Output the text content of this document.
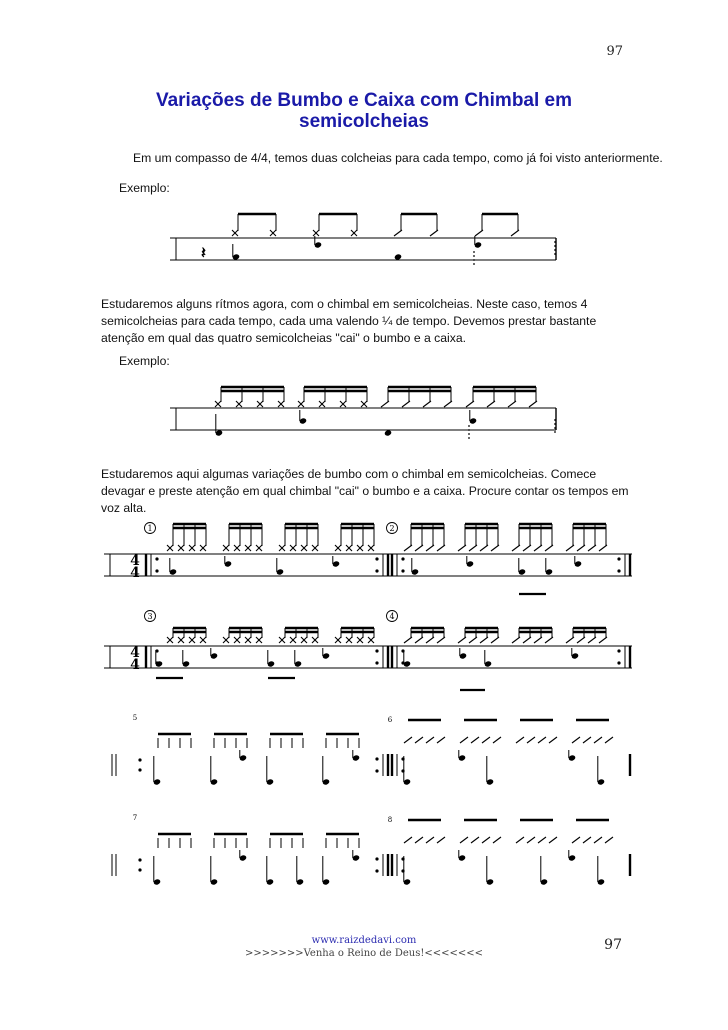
97
Variações de Bumbo e Caixa com Chimbal em semicolcheias
Em um compasso de 4/4, temos duas colcheias para cada tempo, como já foi visto anteriormente.
Exemplo:
𝄽
Estudaremos alguns rítmos agora, com o chimbal em semicolcheias. Neste caso, temos 4 semicolcheias para cada tempo, cada uma valendo ¼ de tempo. Devemos prestar bastante atenção em qual das quatro semicolcheias "cai" o bumbo e a caixa.
Exemplo:
Estudaremos aqui algumas variações de bumbo com o chimbal em semicolcheias. Comece devagar e preste atenção em qual chimbal "cai" o bumbo e a caixa. Procure contar os tempos em voz alta.
4
4
1	2
4
4
3	4
5	6
7	8
www.raizdedavi.com
>>>>>>>Venha o Reino de Deus!<<<<<<<
97
